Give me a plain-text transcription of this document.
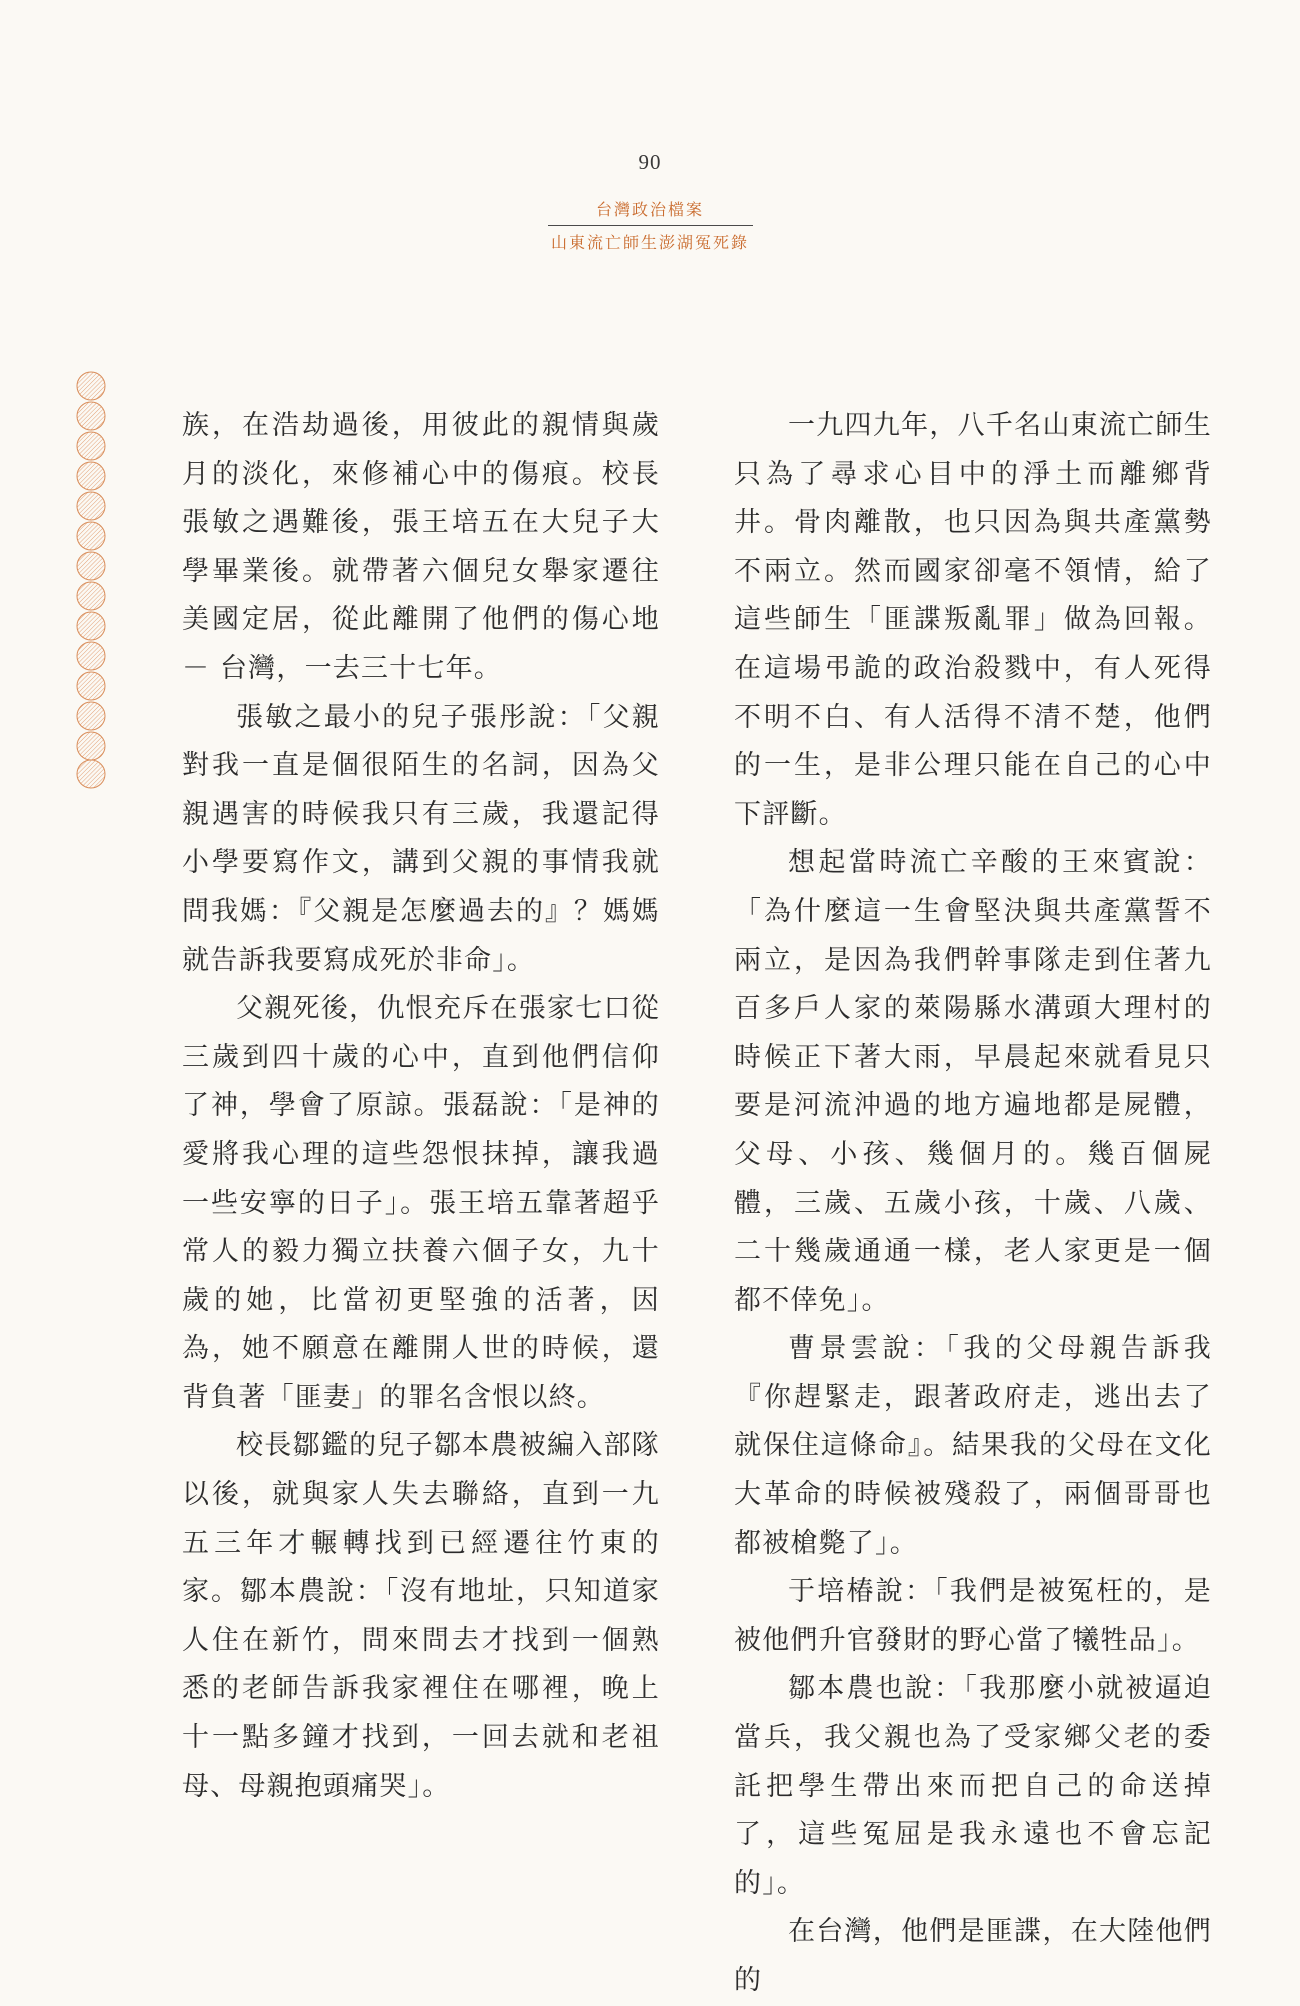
90
台灣政治檔案
山東流亡師生澎湖冤死錄

族，在浩劫過後，用彼此的親情與歲月的淡化，來修補心中的傷痕。校長張敏之遇難後，張王培五在大兒子大學畢業後。就帶著六個兒女舉家遷往美國定居，從此離開了他們的傷心地－ 台灣，一去三十七年。

張敏之最小的兒子張彤說：「父親對我一直是個很陌生的名詞，因為父親遇害的時候我只有三歲，我還記得小學要寫作文，講到父親的事情我就問我媽：『父親是怎麼過去的』？媽媽就告訴我要寫成死於非命」。

父親死後，仇恨充斥在張家七口從三歲到四十歲的心中，直到他們信仰了神，學會了原諒。張磊說：「是神的愛將我心理的這些怨恨抹掉，讓我過一些安寧的日子」。張王培五靠著超乎常人的毅力獨立扶養六個子女，九十歲的她，比當初更堅強的活著，因為，她不願意在離開人世的時候，還背負著「匪妻」的罪名含恨以終。

校長鄒鑑的兒子鄒本農被編入部隊以後，就與家人失去聯絡，直到一九五三年才輾轉找到已經遷往竹東的家。鄒本農說：「沒有地址，只知道家人住在新竹，問來問去才找到一個熟悉的老師告訴我家裡住在哪裡，晚上十一點多鐘才找到，一回去就和老祖母、母親抱頭痛哭」。

一九四九年，八千名山東流亡師生只為了尋求心目中的淨土而離鄉背井。骨肉離散，也只因為與共產黨勢不兩立。然而國家卻毫不領情，給了這些師生「匪諜叛亂罪」做為回報。在這場弔詭的政治殺戮中，有人死得不明不白、有人活得不清不楚，他們的一生，是非公理只能在自己的心中下評斷。

想起當時流亡辛酸的王來賓說：「為什麼這一生會堅決與共產黨誓不兩立，是因為我們幹事隊走到住著九百多戶人家的萊陽縣水溝頭大理村的時候正下著大雨，早晨起來就看見只要是河流沖過的地方遍地都是屍體，父母、小孩、幾個月的。幾百個屍體，三歲、五歲小孩，十歲、八歲、二十幾歲通通一樣，老人家更是一個都不倖免」。

曹景雲說：「我的父母親告訴我『你趕緊走，跟著政府走，逃出去了就保住這條命』。結果我的父母在文化大革命的時候被殘殺了，兩個哥哥也都被槍斃了」。

于培椿說：「我們是被冤枉的，是被他們升官發財的野心當了犧牲品」。

鄒本農也說：「我那麼小就被逼迫當兵，我父親也為了受家鄉父老的委託把學生帶出來而把自己的命送掉了，這些冤屈是我永遠也不會忘記的」。

在台灣，他們是匪諜，在大陸他們的
